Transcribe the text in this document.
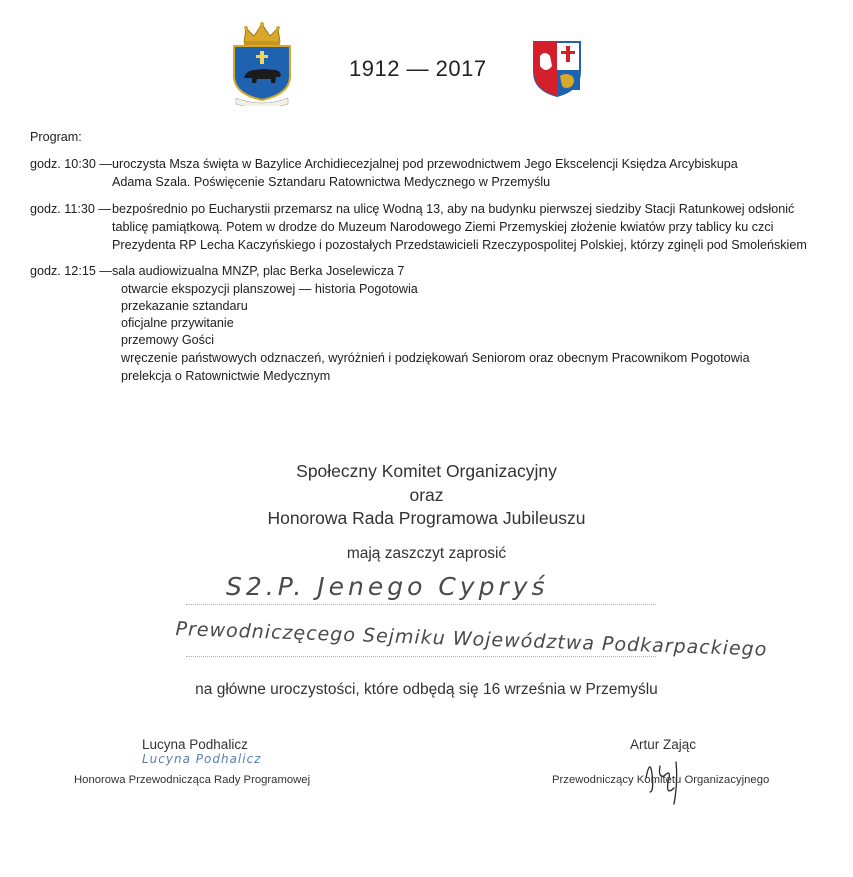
1912 — 2017
Program:
godz. 10:30 — uroczysta Msza święta w Bazylice Archidiecezjalnej pod przewodnictwem Jego Ekscelencji Księdza Arcybiskupa
Adama Szala. Poświęcenie Sztandaru Ratownictwa Medycznego w Przemyślu
godz. 11:30 — bezpośrednio po Eucharystii przemarsz na ulicę Wodną 13, aby na budynku pierwszej siedziby Stacji Ratunkowej odsłonić
tablicę pamiątkową. Potem w drodze do Muzeum Narodowego Ziemi Przemyskiej złożenie kwiatów przy tablicy ku czci
Prezydenta RP Lecha Kaczyńskiego i pozostałych Przedstawicieli Rzeczypospolitej Polskiej, którzy zginęli pod Smoleńskiem
godz. 12:15 — sala audiowizualna MNZP, plac Berka Joselewicza 7
otwarcie ekspozycji planszowej — historia Pogotowia
przekazanie sztandaru
oficjalne przywitanie
przemowy Gości
wręczenie państwowych odznaczeń, wyróżnień i podziękowań Seniorom oraz obecnym Pracownikom Pogotowia
prelekcja o Ratownictwie Medycznym
Społeczny Komitet Organizacyjny
oraz
Honorowa Rada Programowa Jubileuszu
mają zaszczyt zaprosić
S2.P. Jenego Cypryś
Prewodniczęcego Sejmiku Województwa Podkarpackiego
na główne uroczystości, które odbędą się 16 września w Przemyślu
Lucyna Podhalicz
Lucyna Podhalicz
Honorowa Przewodnicząca Rady Programowej
Artur Zając
Przewodniczący Komitetu Organizacyjnego
